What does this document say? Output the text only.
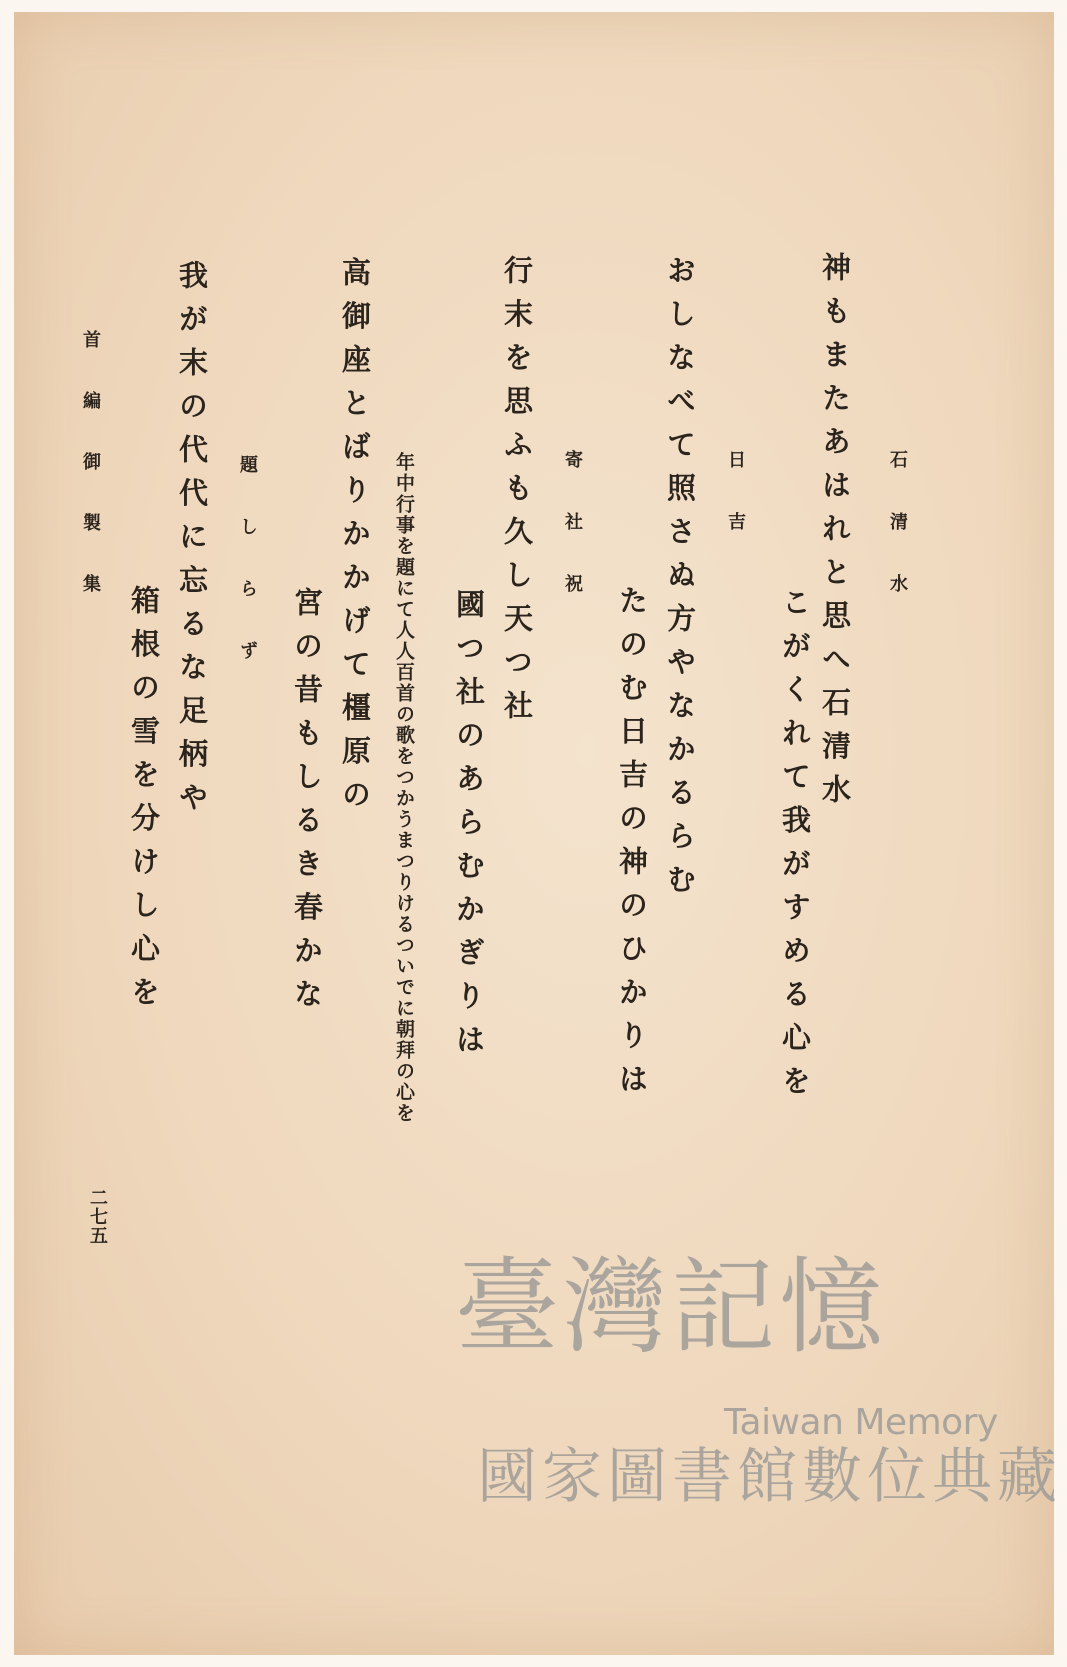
石清水
神もまたあはれと思へ石清水
こがくれて我がすめる心を
日吉
おしなべて照さぬ方やなかるらむ
たのむ日吉の神のひかりは
寄社祝
行末を思ふも久し天つ社
國つ社のあらむかぎりは
年中行事を題にて人人百首の歌をつかうまつりけるついでに朝拜の心を
高御座とばりかかげて橿原の
宮の昔もしるき春かな
題しらず
我が末の代代に忘るな足柄や
箱根の雪を分けし心を
首編御製集
二七五
臺灣記憶
Taiwan Memory
國家圖書館數位典藏
